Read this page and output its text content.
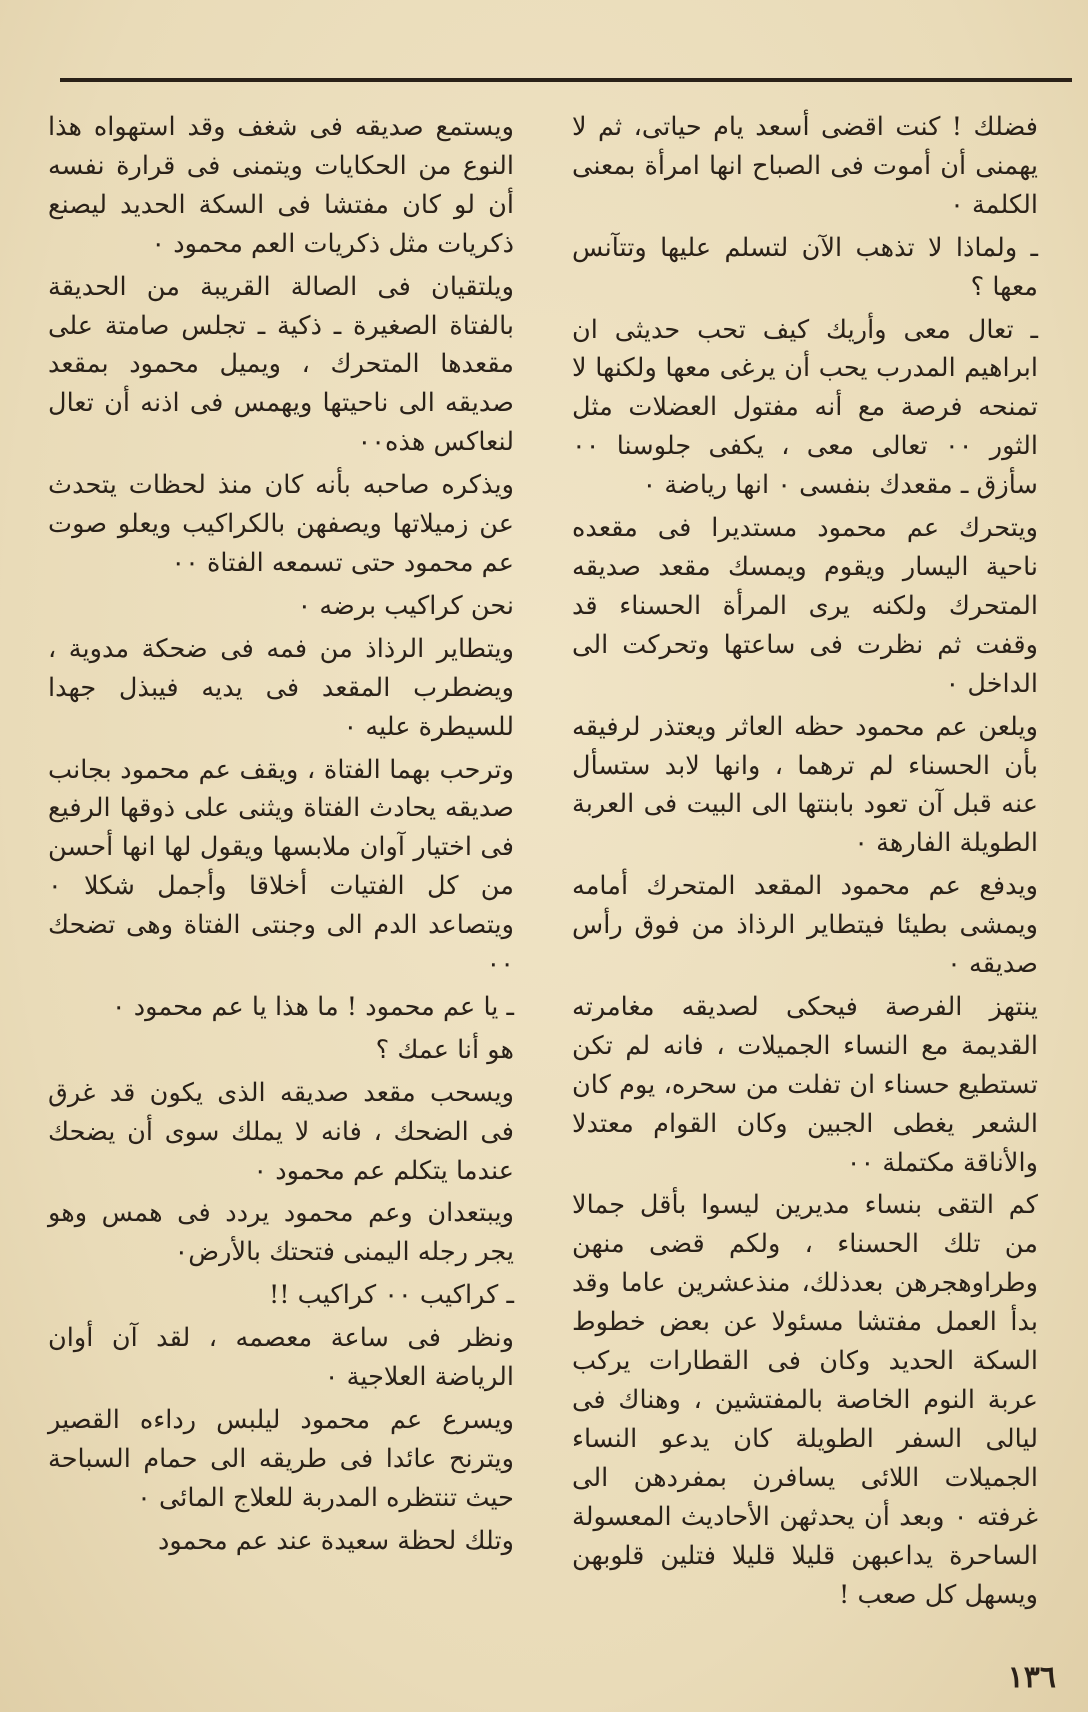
فضلك ! كنت اقضى أسعد يام حياتى، ثم لا يهمنى أن أموت فى الصباح انها امرأة بمعنى الكلمة ٠

ـ ولماذا لا تذهب الآن لتسلم عليها وتتآنس معها ؟

ـ تعال معى وأريك كيف تحب حديثى ان ابراهيم المدرب يحب أن يرغى معها ولكنها لا تمنحه فرصة مع أنه مفتول العضلات مثل الثور ٠٠ تعالى معى ، يكفى جلوسنا ٠٠ سأزق ـ مقعدك بنفسى ٠ انها رياضة ٠

ويتحرك عم محمود مستديرا فى مقعده ناحية اليسار ويقوم ويمسك مقعد صديقه المتحرك ولكنه يرى المرأة الحسناء قد وقفت ثم نظرت فى ساعتها وتحركت الى الداخل ٠

ويلعن عم محمود حظه العاثر ويعتذر لرفيقه بأن الحسناء لم ترهما ، وانها لابد ستسأل عنه قبل آن تعود بابنتها الى البيت فى العربة الطويلة الفارهة ٠

ويدفع عم محمود المقعد المتحرك أمامه ويمشى بطيئا فيتطاير الرذاذ من فوق رأس صديقه ٠

ينتهز الفرصة فيحكى لصديقه مغامرته القديمة مع النساء الجميلات ، فانه لم تكن تستطيع حسناء ان تفلت من سحره، يوم كان الشعر يغطى الجبين وكان القوام معتدلا والأناقة مكتملة ٠٠

كم التقى بنساء مديرين ليسوا بأقل جمالا من تلك الحسناء ، ولكم قضى منهن وطراوهجرهن بعدذلك، منذعشرين عاما وقد بدأ العمل مفتشا مسئولا عن بعض خطوط السكة الحديد وكان فى القطارات يركب عربة النوم الخاصة بالمفتشين ، وهناك فى ليالى السفر الطويلة كان يدعو النساء الجميلات اللائى يسافرن بمفردهن الى غرفته ٠ وبعد أن يحدثهن الأحاديث المعسولة الساحرة يداعبهن قليلا قليلا فتلين قلوبهن ويسهل كل صعب !

ويستمع صديقه فى شغف وقد استهواه هذا النوع من الحكايات ويتمنى فى قرارة نفسه أن لو كان مفتشا فى السكة الحديد ليصنع ذكريات مثل ذكريات العم محمود ٠

ويلتقيان فى الصالة القريبة من الحديقة بالفتاة الصغيرة ـ ذكية ـ تجلس صامتة على مقعدها المتحرك ، ويميل محمود بمقعد صديقه الى ناحيتها ويهمس فى اذنه أن تعال لنعاكس هذه٠٠

ويذكره صاحبه بأنه كان منذ لحظات يتحدث عن زميلاتها ويصفهن بالكراكيب ويعلو صوت عم محمود حتى تسمعه الفتاة ٠٠

نحن كراكيب برضه ٠

ويتطاير الرذاذ من فمه فى ضحكة مدوية ، ويضطرب المقعد فى يديه فيبذل جهدا للسيطرة عليه ٠

وترحب بهما الفتاة ، ويقف عم محمود بجانب صديقه يحادث الفتاة ويثنى على ذوقها الرفيع فى اختيار آوان ملابسها ويقول لها انها أحسن من كل الفتيات أخلاقا وأجمل شكلا ٠ ويتصاعد الدم الى وجنتى الفتاة وهى تضحك ٠٠

ـ يا عم محمود ! ما هذا يا عم محمود ٠

هو أنا عمك ؟

ويسحب مقعد صديقه الذى يكون قد غرق فى الضحك ، فانه لا يملك سوى أن يضحك عندما يتكلم عم محمود ٠

ويبتعدان وعم محمود يردد فى همس وهو يجر رجله اليمنى فتحتك بالأرض٠

ـ كراكيب ٠٠ كراكيب !!

ونظر فى ساعة معصمه ، لقد آن أوان الرياضة العلاجية ٠

ويسرع عم محمود ليلبس رداءه القصير ويترنح عائدا فى طريقه الى حمام السباحة حيث تنتظره المدربة للعلاج المائى ٠

وتلك لحظة سعيدة عند عم محمود

١٣٦
